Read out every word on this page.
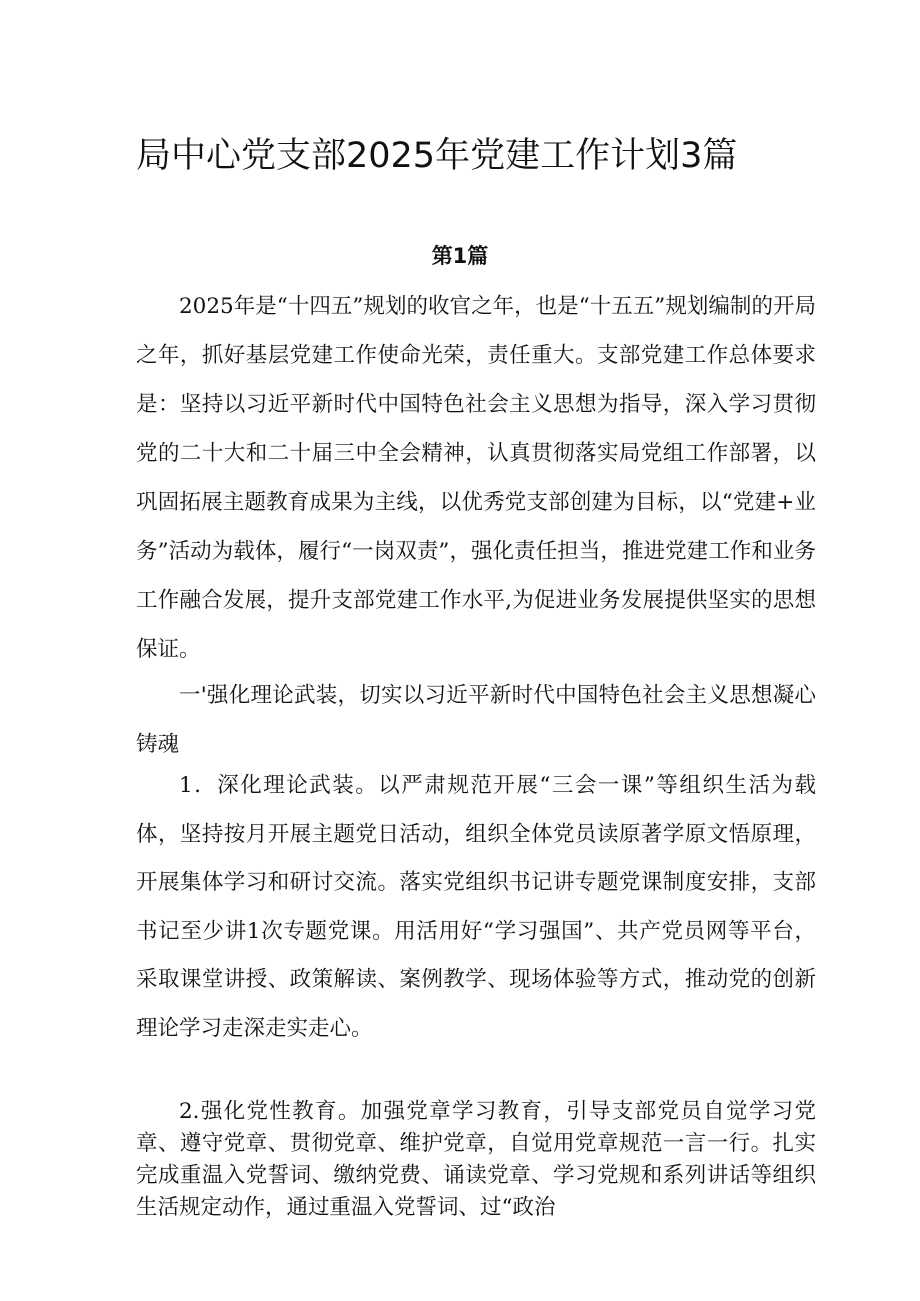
局中心党支部2025年党建工作计划3篇
第1篇

2025年是“十四五”规划的收官之年，也是“十五五”规划编制的开局之年，抓好基层党建工作使命光荣，责任重大。支部党建工作总体要求是：坚持以习近平新时代中国特色社会主义思想为指导，深入学习贯彻党的二十大和二十届三中全会精神，认真贯彻落实局党组工作部署，以巩固拓展主题教育成果为主线，以优秀党支部创建为目标，以“党建+业务”活动为载体，履行“一岗双责”，强化责任担当，推进党建工作和业务工作融合发展，提升支部党建工作水平,为促进业务发展提供坚实的思想保证。

一'强化理论武装，切实以习近平新时代中国特色社会主义思想凝心铸魂

1．深化理论武装。以严肃规范开展“三会一课”等组织生活为载体，坚持按月开展主题党日活动，组织全体党员读原著学原文悟原理，开展集体学习和研讨交流。落实党组织书记讲专题党课制度安排，支部书记至少讲1次专题党课。用活用好“学习强国”、共产党员网等平台，采取课堂讲授、政策解读、案例教学、现场体验等方式，推动党的创新理论学习走深走实走心。

2.强化党性教育。加强党章学习教育，引导支部党员自觉学习党章、遵守党章、贯彻党章、维护党章，自觉用党章规范一言一行。扎实完成重温入党誓词、缴纳党费、诵读党章、学习党规和系列讲话等组织生活规定动作，通过重温入党誓词、过“政治
